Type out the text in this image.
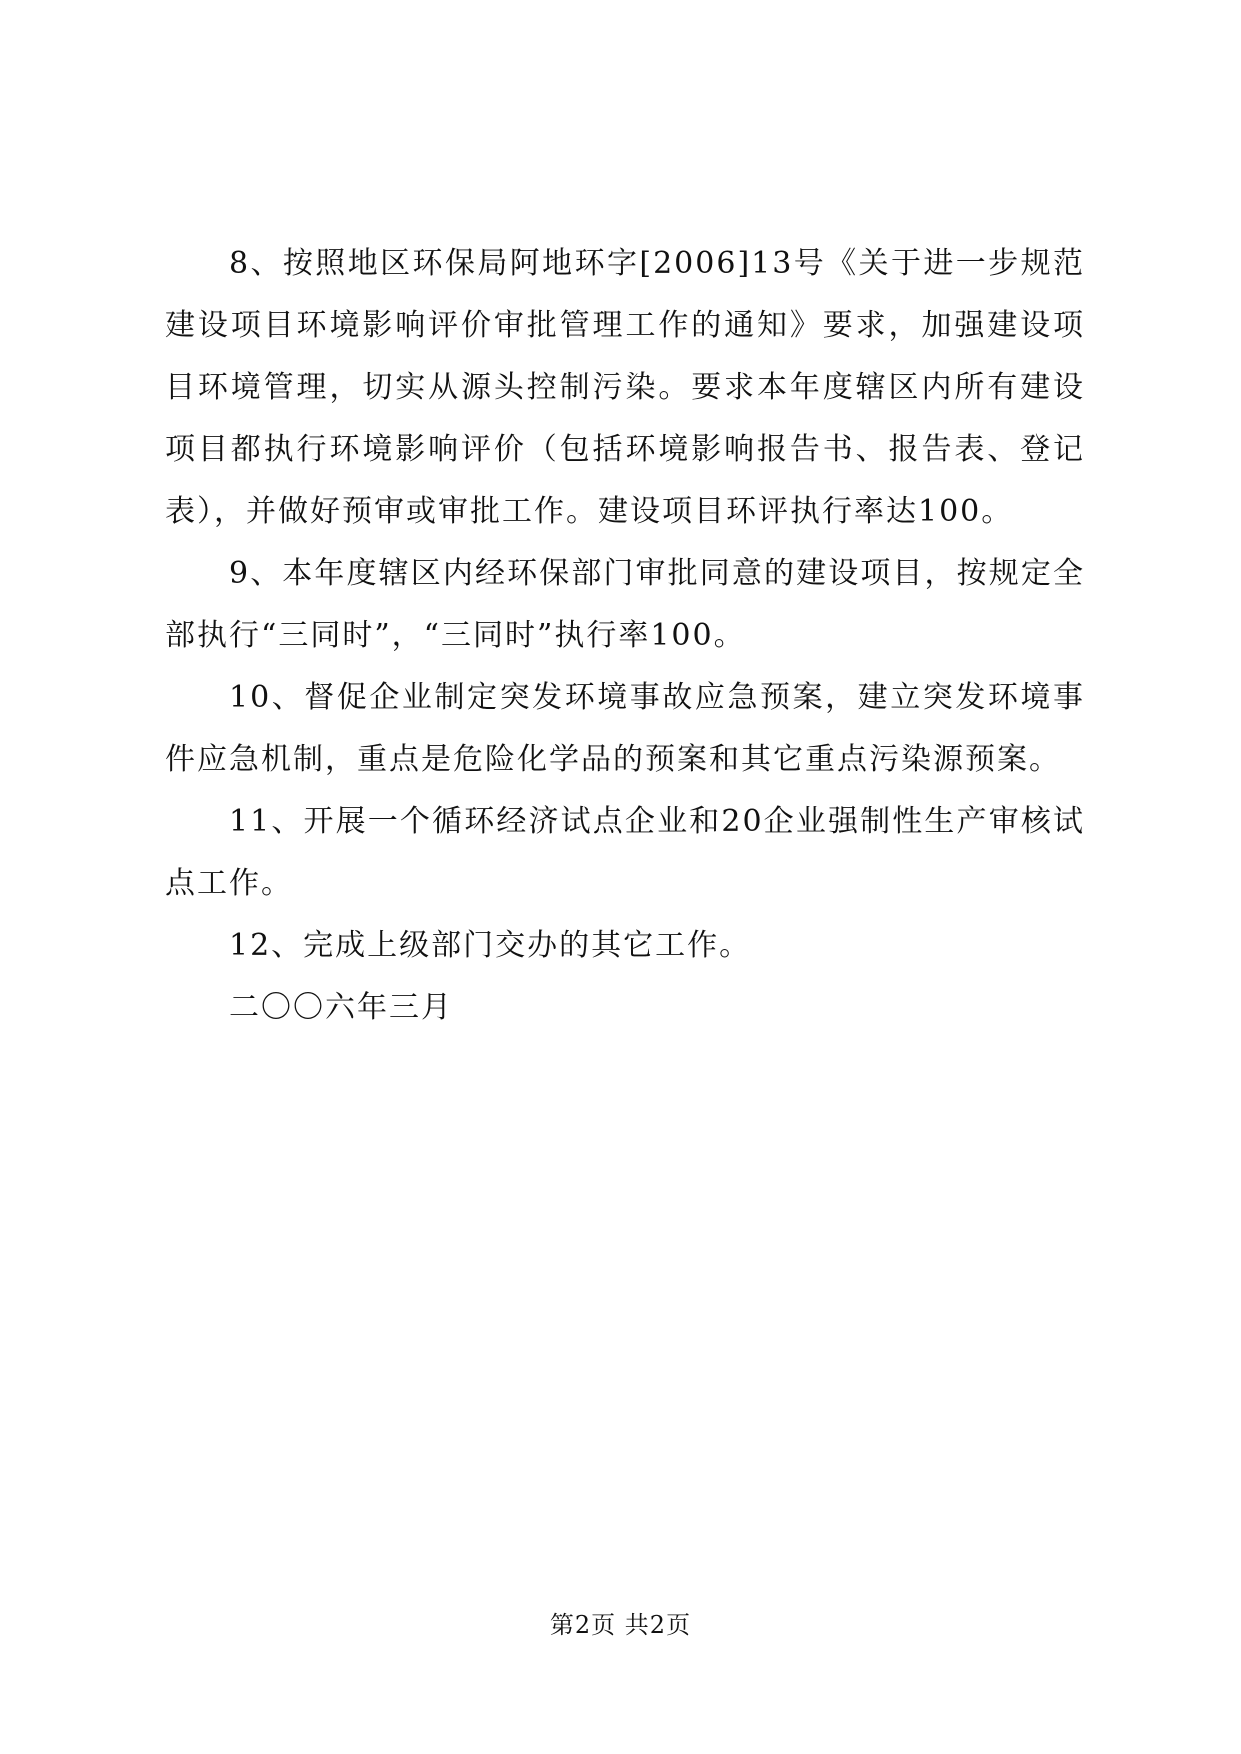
8、按照地区环保局阿地环字[2006]13号《关于进一步规范建设项目环境影响评价审批管理工作的通知》要求，加强建设项目环境管理，切实从源头控制污染。要求本年度辖区内所有建设项目都执行环境影响评价（包括环境影响报告书、报告表、登记表），并做好预审或审批工作。建设项目环评执行率达100。

9、本年度辖区内经环保部门审批同意的建设项目，按规定全部执行“三同时”，“三同时”执行率100。

10、督促企业制定突发环境事故应急预案，建立突发环境事件应急机制，重点是危险化学品的预案和其它重点污染源预案。

11、开展一个循环经济试点企业和20企业强制性生产审核试点工作。

12、完成上级部门交办的其它工作。

二〇〇六年三月

第2页 共2页
